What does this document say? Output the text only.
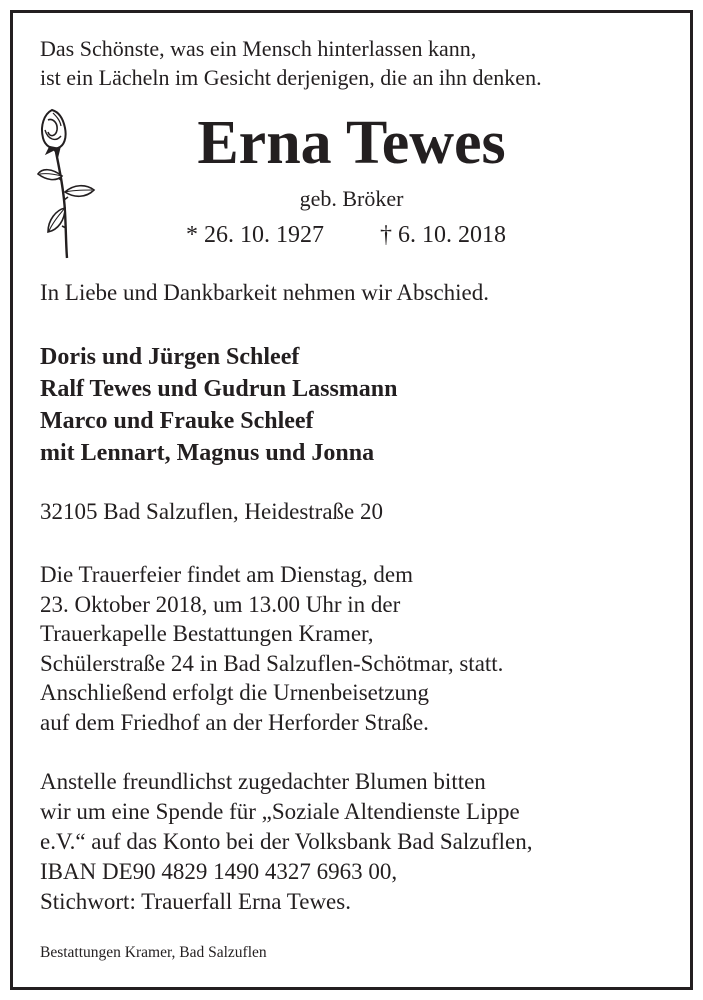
Das Schönste, was ein Mensch hinterlassen kann,
ist ein Lächeln im Gesicht derjenigen, die an ihn denken.
Erna Tewes
geb. Bröker
* 26. 10. 1927 † 6. 10. 2018
In Liebe und Dankbarkeit nehmen wir Abschied.
Doris und Jürgen Schleef
Ralf Tewes und Gudrun Lassmann
Marco und Frauke Schleef
mit Lennart, Magnus und Jonna
32105 Bad Salzuflen, Heidestraße 20
Die Trauerfeier findet am Dienstag, dem
23. Oktober 2018, um 13.00 Uhr in der
Trauerkapelle Bestattungen Kramer,
Schülerstraße 24 in Bad Salzuflen-Schötmar, statt.
Anschließend erfolgt die Urnenbeisetzung
auf dem Friedhof an der Herforder Straße.
Anstelle freundlichst zugedachter Blumen bitten
wir um eine Spende für „Soziale Altendienste Lippe
e.V.“ auf das Konto bei der Volksbank Bad Salzuflen,
IBAN DE90 4829 1490 4327 6963 00,
Stichwort: Trauerfall Erna Tewes.
Bestattungen Kramer, Bad Salzuflen
